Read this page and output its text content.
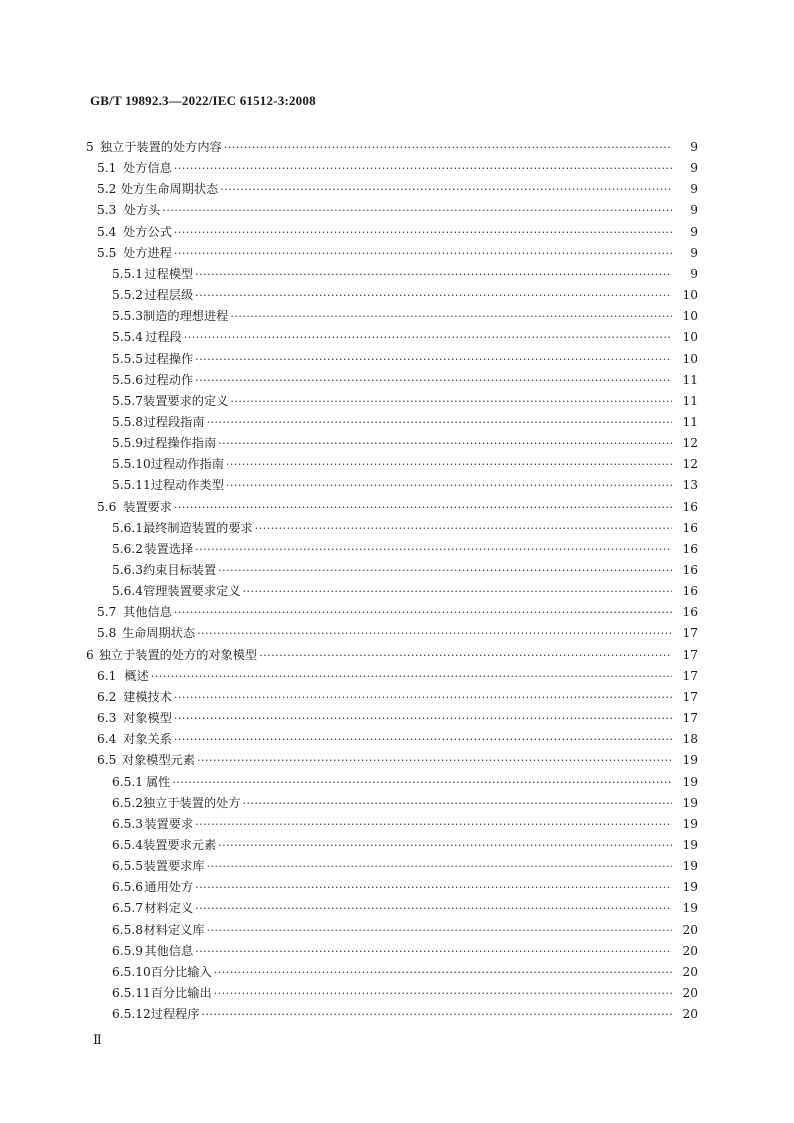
GB/T 19892.3—2022/IEC 61512-3:2008
5 独立于装置的处方内容 ·····	9
5.1 处方信息 ·····	9
5.2 处方生命周期状态 ·····	9
5.3 处方头 ·····	9
5.4 处方公式 ·····	9
5.5 处方进程 ·····	9
5.5.1 过程模型 ·····	9
5.5.2 过程层级 ·····	10
5.5.3 制造的理想进程 ·····	10
5.5.4 过程段 ·····	10
5.5.5 过程操作 ·····	10
5.5.6 过程动作 ·····	11
5.5.7 装置要求的定义 ·····	11
5.5.8 过程段指南 ·····	11
5.5.9 过程操作指南 ·····	12
5.5.10 过程动作指南 ·····	12
5.5.11 过程动作类型 ·····	13
5.6 装置要求 ·····	16
5.6.1 最终制造装置的要求 ·····	16
5.6.2 装置选择 ·····	16
5.6.3 约束目标装置 ·····	16
5.6.4 管理装置要求定义 ·····	16
5.7 其他信息 ·····	16
5.8 生命周期状态 ·····	17
6 独立于装置的处方的对象模型 ·····	17
6.1 概述 ·····	17
6.2 建模技术 ·····	17
6.3 对象模型 ·····	17
6.4 对象关系 ·····	18
6.5 对象模型元素 ·····	19
6.5.1 属性 ·····	19
6.5.2 独立于装置的处方 ·····	19
6.5.3 装置要求 ·····	19
6.5.4 装置要求元素 ·····	19
6.5.5 装置要求库 ·····	19
6.5.6 通用处方 ·····	19
6.5.7 材料定义 ·····	19
6.5.8 材料定义库 ·····	20
6.5.9 其他信息 ·····	20
6.5.10 百分比输入 ·····	20
6.5.11 百分比输出 ·····	20
6.5.12 过程程序 ·····	20
Ⅱ
